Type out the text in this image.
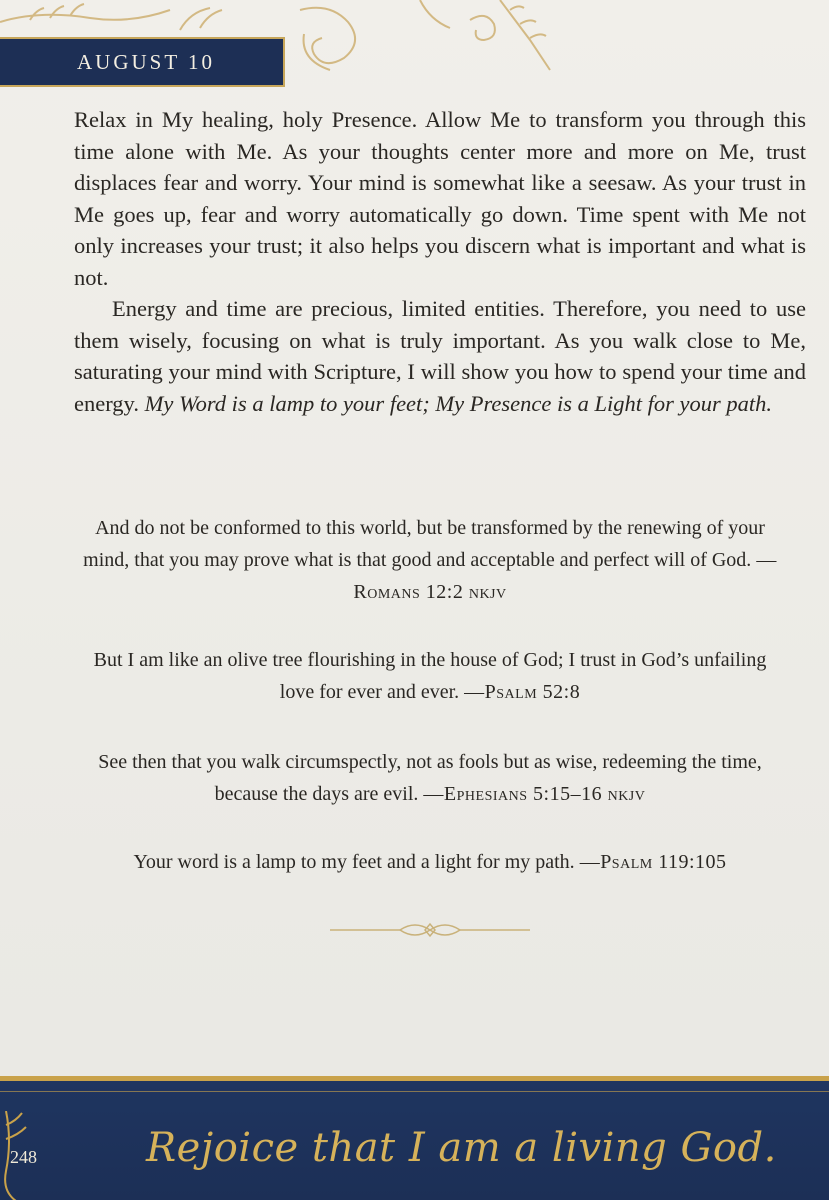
AUGUST 10

Relax in My healing, holy Presence. Allow Me to transform you through this time alone with Me. As your thoughts center more and more on Me, trust displaces fear and worry. Your mind is somewhat like a seesaw. As your trust in Me goes up, fear and worry automatically go down. Time spent with Me not only increases your trust; it also helps you discern what is important and what is not.

Energy and time are precious, limited entities. Therefore, you need to use them wisely, focusing on what is truly important. As you walk close to Me, saturating your mind with Scripture, I will show you how to spend your time and energy. My Word is a lamp to your feet; My Presence is a Light for your path.

And do not be conformed to this world, but be transformed by the renewing of your mind, that you may prove what is that good and acceptable and perfect will of God. —Romans 12:2 nkjv
But I am like an olive tree flourishing in the house of God; I trust in God’s unfailing love for ever and ever. —Psalm 52:8
See then that you walk circumspectly, not as fools but as wise, redeeming the time, because the days are evil. —Ephesians 5:15–16 nkjv
Your word is a lamp to my feet and a light for my path. —Psalm 119:105
248	Rejoice that I am a living God.
